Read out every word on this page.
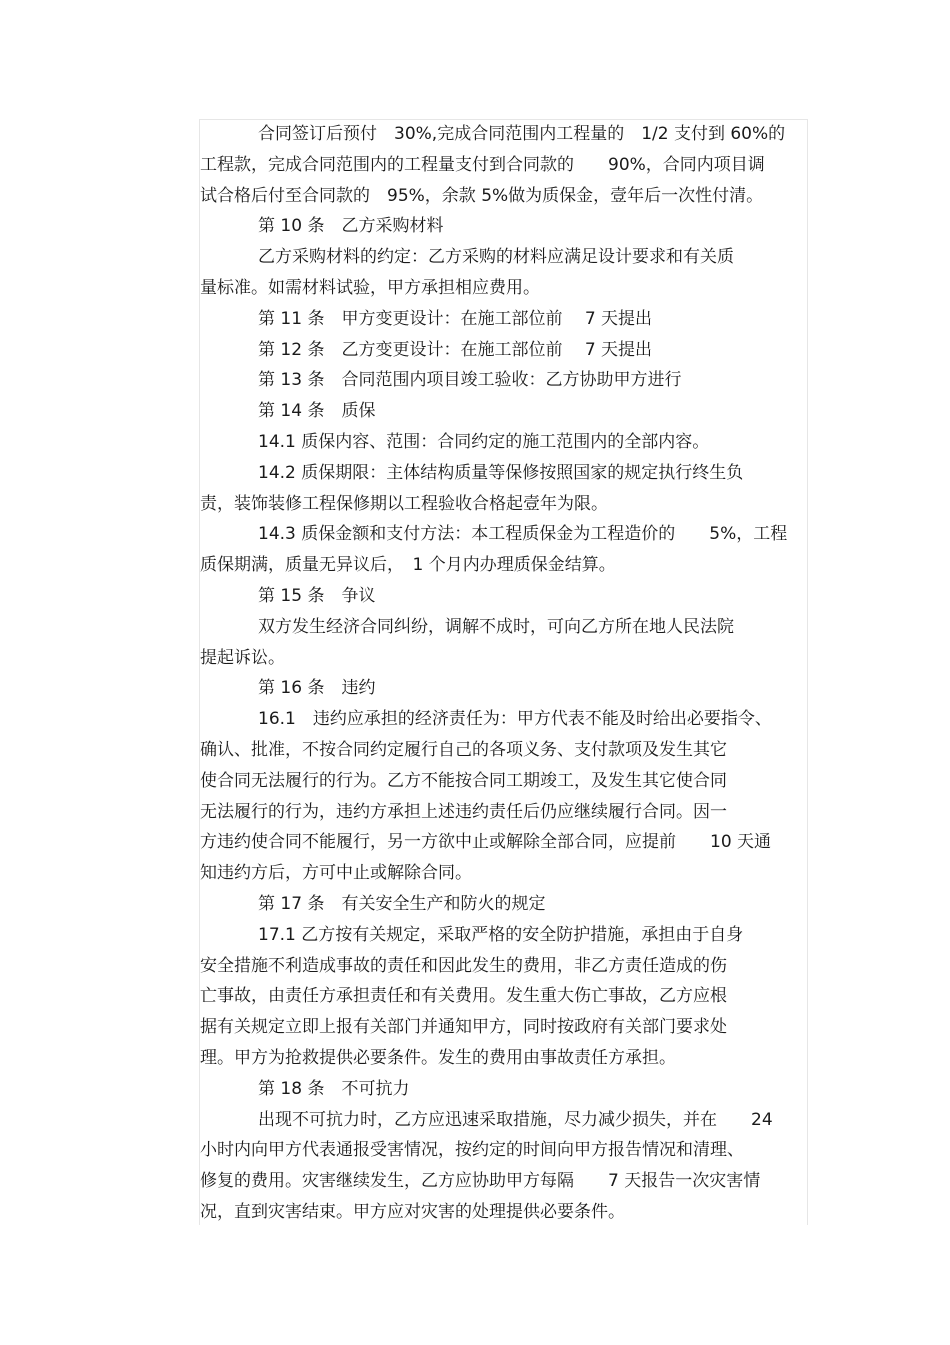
合同签订后预付　30%,完成合同范围内工程量的　1/2 支付到 60%的
工程款，完成合同范围内的工程量支付到合同款的　　90%，合同内项目调
试合格后付至合同款的　95%，余款 5%做为质保金，壹年后一次性付清。
第 10 条　乙方采购材料
乙方采购材料的约定：乙方采购的材料应满足设计要求和有关质
量标准。如需材料试验，甲方承担相应费用。
第 11 条　甲方变更设计：在施工部位前　 7 天提出
第 12 条　乙方变更设计：在施工部位前　 7 天提出
第 13 条　合同范围内项目竣工验收：乙方协助甲方进行
第 14 条　质保
14.1 质保内容、范围：合同约定的施工范围内的全部内容。
14.2 质保期限：主体结构质量等保修按照国家的规定执行终生负
责，装饰装修工程保修期以工程验收合格起壹年为限。
14.3 质保金额和支付方法：本工程质保金为工程造价的　　5%，工程
质保期满，质量无异议后，　1 个月内办理质保金结算。
第 15 条　争议
双方发生经济合同纠纷，调解不成时，可向乙方所在地人民法院
提起诉讼。
第 16 条　违约
16.1　违约应承担的经济责任为：甲方代表不能及时给出必要指令、
确认、批准，不按合同约定履行自己的各项义务、支付款项及发生其它
使合同无法履行的行为。乙方不能按合同工期竣工，及发生其它使合同
无法履行的行为，违约方承担上述违约责任后仍应继续履行合同。因一
方违约使合同不能履行，另一方欲中止或解除全部合同，应提前　　10 天通
知违约方后，方可中止或解除合同。
第 17 条　有关安全生产和防火的规定
17.1 乙方按有关规定，采取严格的安全防护措施，承担由于自身
安全措施不利造成事故的责任和因此发生的费用，非乙方责任造成的伤
亡事故，由责任方承担责任和有关费用。发生重大伤亡事故，乙方应根
据有关规定立即上报有关部门并通知甲方，同时按政府有关部门要求处
理。甲方为抢救提供必要条件。发生的费用由事故责任方承担。
第 18 条　不可抗力
出现不可抗力时，乙方应迅速采取措施，尽力减少损失，并在　　24
小时内向甲方代表通报受害情况，按约定的时间向甲方报告情况和清理、
修复的费用。灾害继续发生，乙方应协助甲方每隔　　7 天报告一次灾害情
况，直到灾害结束。甲方应对灾害的处理提供必要条件。
